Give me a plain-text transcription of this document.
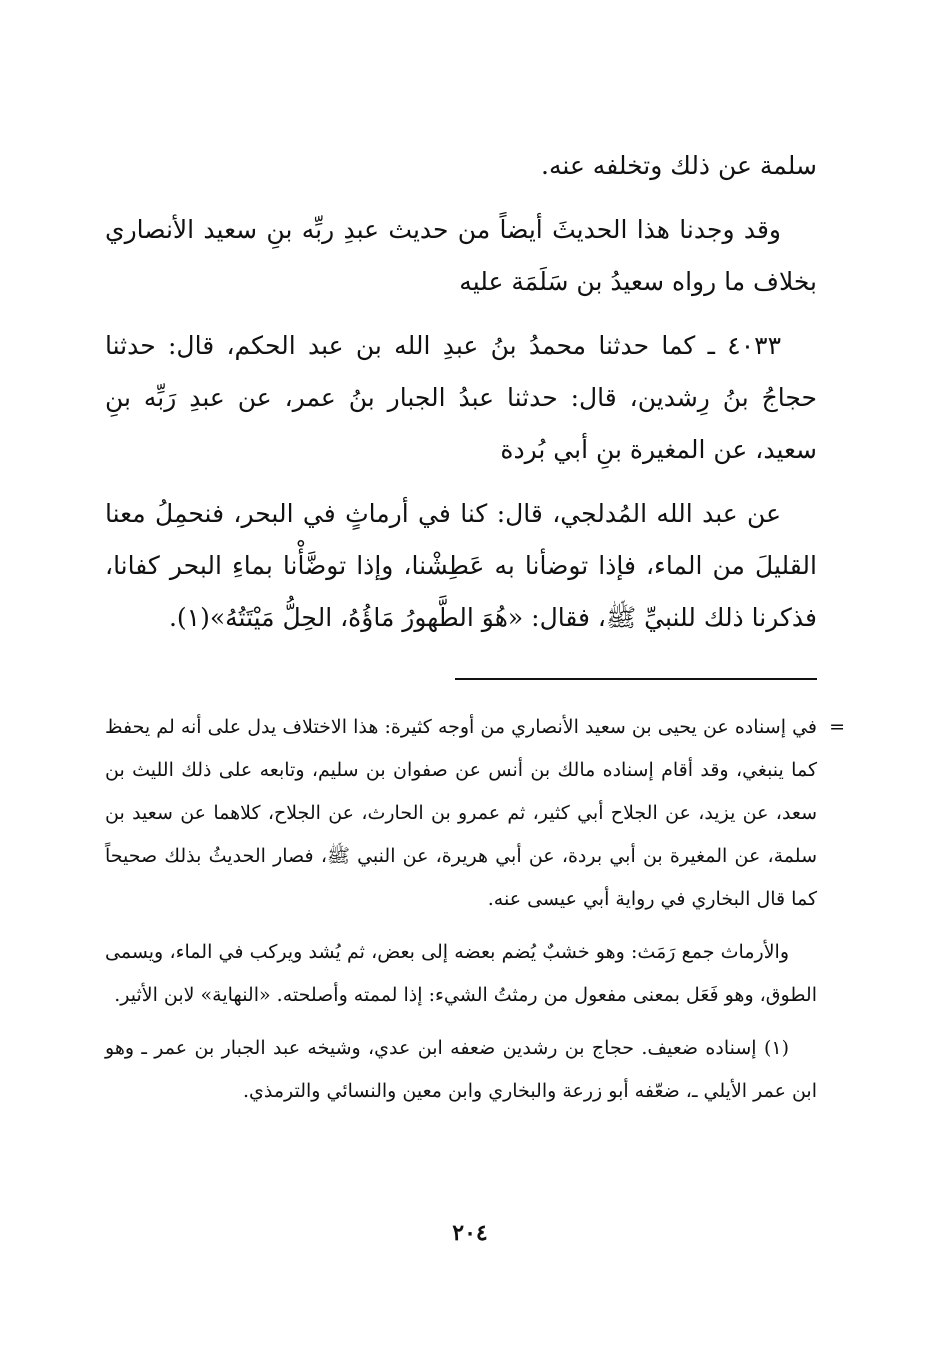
سلمة عن ذلك وتخلفه عنه.

وقد وجدنا هذا الحديثَ أيضاً من حديث عبدِ ربِّه بنِ سعيد الأنصاري بخلاف ما رواه سعيدُ بن سَلَمَة عليه

٤٠٣٣ ـ كما حدثنا محمدُ بنُ عبدِ الله بن عبد الحكم، قال: حدثنا حجاجُ بنُ رِشدين، قال: حدثنا عبدُ الجبار بنُ عمر، عن عبدِ رَبِّه بنِ سعيد، عن المغيرة بنِ أبي بُردة

عن عبد الله المُدلجي، قال: كنا في أرماثٍ في البحر، فنحمِلُ معنا القليلَ من الماء، فإذا توضأنا به عَطِشْنا، وإذا توضَّأْنا بماءِ البحر كفانا، فذكرنا ذلك للنبيِّ ﷺ، فقال: «هُوَ الطَّهورُ مَاؤُهُ، الحِلُّ مَيْتَتُهُ»(١).

=

في إسناده عن يحيى بن سعيد الأنصاري من أوجه كثيرة: هذا الاختلاف يدل على أنه لم يحفظ كما ينبغي، وقد أقام إسناده مالك بن أنس عن صفوان بن سليم، وتابعه على ذلك الليث بن سعد، عن يزيد، عن الجلاح أبي كثير، ثم عمرو بن الحارث، عن الجلاح، كلاهما عن سعيد بن سلمة، عن المغيرة بن أبي بردة، عن أبي هريرة، عن النبي ﷺ، فصار الحديثُ بذلك صحيحاً كما قال البخاري في رواية أبي عيسى عنه.

والأرماث جمع رَمَث: وهو خشبٌ يُضم بعضه إلى بعض، ثم يُشد ويركب في الماء، ويسمى الطوق، وهو فَعَل بمعنى مفعول من رمثتُ الشيء: إذا لممته وأصلحته. «النهاية» لابن الأثير.

(١) إسناده ضعيف. حجاج بن رشدين ضعفه ابن عدي، وشيخه عبد الجبار بن عمر ـ وهو ابن عمر الأيلي ـ، ضعّفه أبو زرعة والبخاري وابن معين والنسائي والترمذي.

٢٠٤
